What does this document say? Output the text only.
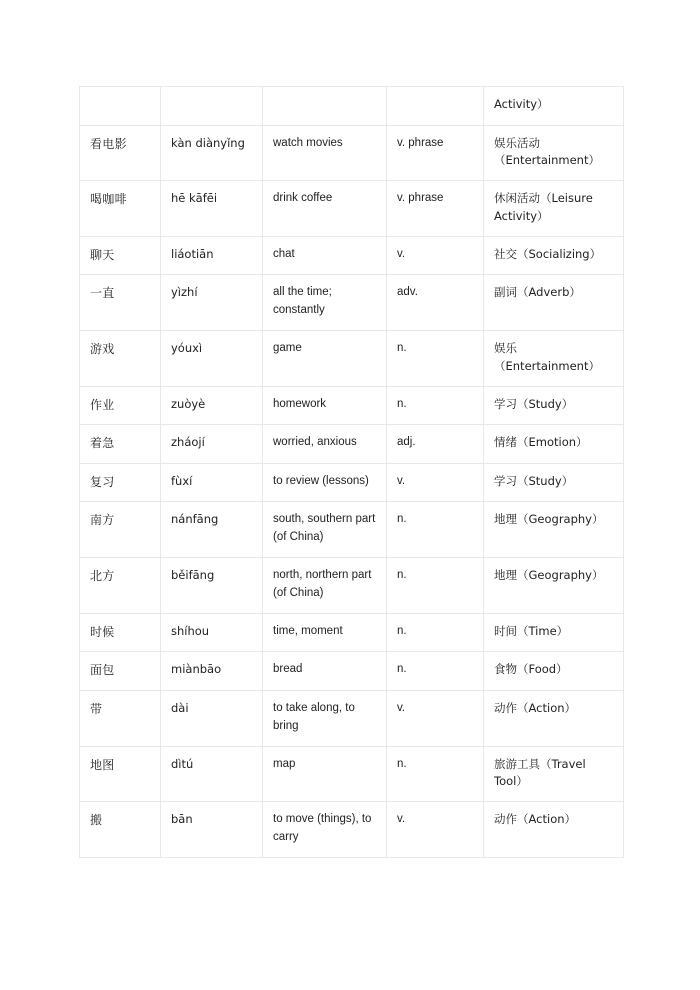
				Activity）
看电影	kàn diànyǐng	watch movies	v. phrase	娱乐活动（Entertainment）
喝咖啡	hē kāfēi	drink coffee	v. phrase	休闲活动（Leisure Activity）
聊天	liáotiān	chat	v.	社交（Socializing）
一直	yìzhí	all the time; constantly	adv.	副词（Adverb）
游戏	yóuxì	game	n.	娱乐（Entertainment）
作业	zuòyè	homework	n.	学习（Study）
着急	zháojí	worried, anxious	adj.	情绪（Emotion）
复习	fùxí	to review (lessons)	v.	学习（Study）
南方	nánfāng	south, southern part (of China)	n.	地理（Geography）
北方	běifāng	north, northern part (of China)	n.	地理（Geography）
时候	shíhou	time, moment	n.	时间（Time）
面包	miànbāo	bread	n.	食物（Food）
带	dài	to take along, to bring	v.	动作（Action）
地图	dìtú	map	n.	旅游工具（Travel Tool）
搬	bān	to move (things), to carry	v.	动作（Action）
